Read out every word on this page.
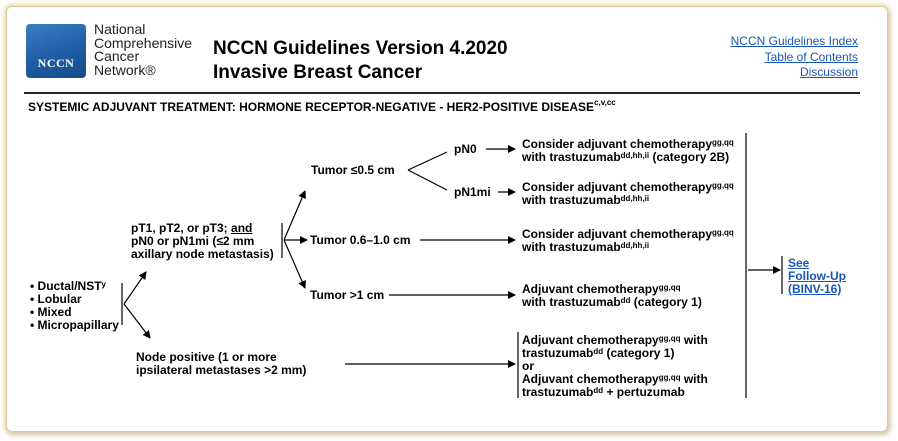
NCCN
National
Comprehensive
Cancer
Network®
NCCN Guidelines Version 4.2020
Invasive Breast Cancer
NCCN Guidelines Index
Table of Contents
Discussion
SYSTEMIC ADJUVANT TREATMENT: HORMONE RECEPTOR-NEGATIVE - HER2-POSITIVE $DISEASE^{c,v,cc}$
• Ductal/NST$^y$
• Lobular
• Mixed
• Micropapillary
pT1, pT2, or pT3; and
pN0 or pN1mi (≤2 mm
axillary node metastasis)
Node positive (1 or more
ipsilateral metastases >2 mm)
Tumor ≤0.5 cm
Tumor 0.6–1.0 cm
Tumor >1 cm
pN0
pN1mi
Consider adjuvant chemotherapy$^{gg,qq}$
with trastuzumab$^{dd,hh,ii}$ (category 2B)
Consider adjuvant chemotherapy$^{gg,qq}$
with trastuzumab$^{dd,hh,ii}$
Consider adjuvant chemotherapy$^{gg,qq}$
with trastuzumab$^{dd,hh,ii}$
Adjuvant chemotherapy$^{gg,qq}$
with trastuzumab$^{dd}$ (category 1)
Adjuvant chemotherapy$^{gg,qq}$ with
trastuzumab$^{dd}$ (category 1)
or
Adjuvant chemotherapy$^{gg,qq}$ with
trastuzumab$^{dd}$ + pertuzumab
See
Follow-Up
(BINV-16)
